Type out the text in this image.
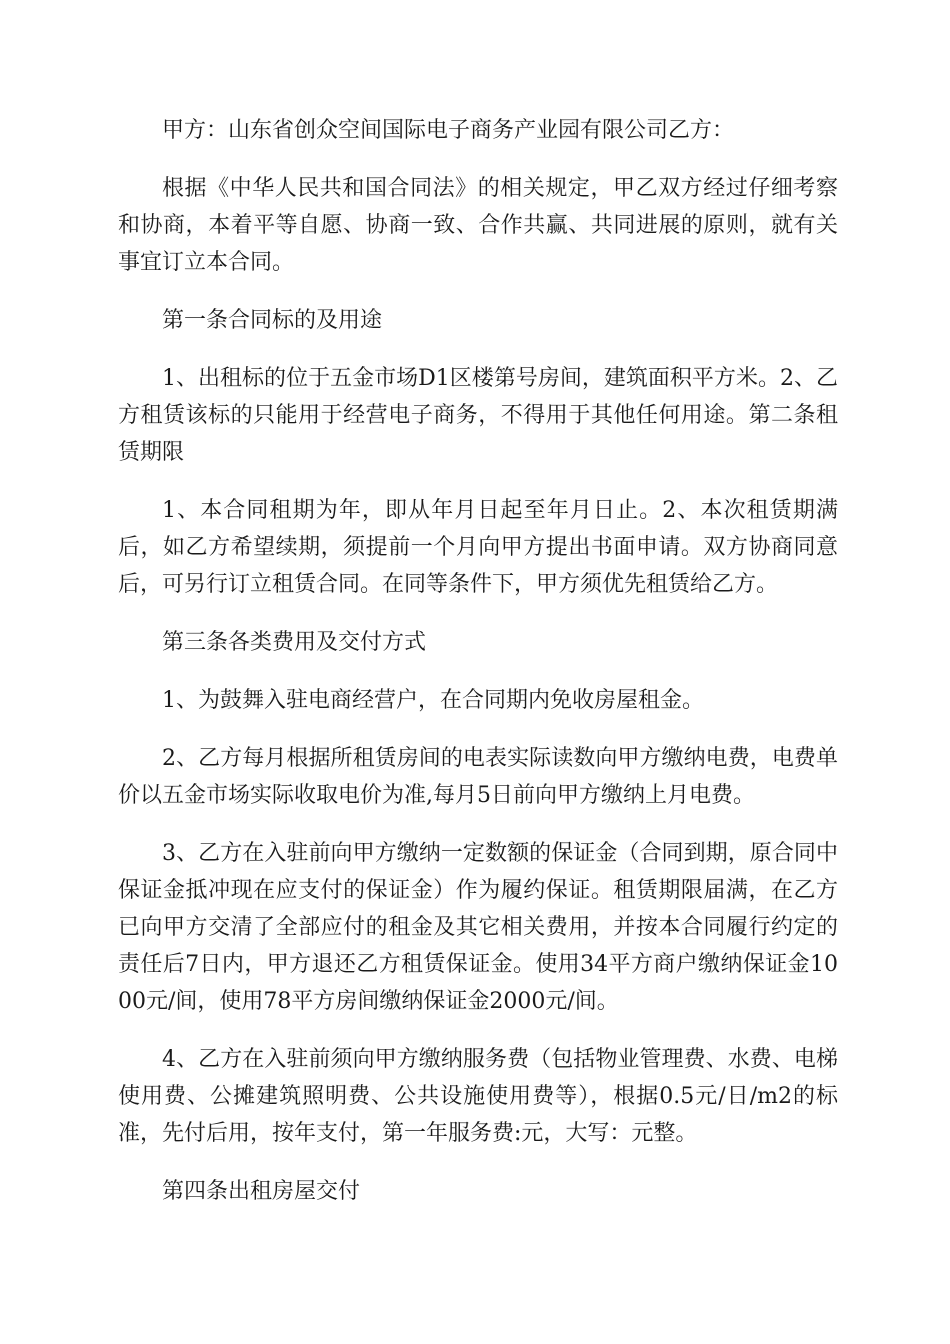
甲方：山东省创众空间国际电子商务产业园有限公司乙方：

根据《中华人民共和国合同法》的相关规定，甲乙双方经过仔细考察和协商，本着平等自愿、协商一致、合作共赢、共同进展的原则，就有关事宜订立本合同。

第一条合同标的及用途

1、出租标的位于五金市场D1区楼第号房间，建筑面积平方米。2、乙方租赁该标的只能用于经营电子商务，不得用于其他任何用途。第二条租赁期限

1、本合同租期为年，即从年月日起至年月日止。2、本次租赁期满后，如乙方希望续期，须提前一个月向甲方提出书面申请。双方协商同意后，可另行订立租赁合同。在同等条件下，甲方须优先租赁给乙方。

第三条各类费用及交付方式

1、为鼓舞入驻电商经营户，在合同期内免收房屋租金。

2、乙方每月根据所租赁房间的电表实际读数向甲方缴纳电费，电费单价以五金市场实际收取电价为准,每月5日前向甲方缴纳上月电费。

3、乙方在入驻前向甲方缴纳一定数额的保证金（合同到期，原合同中保证金抵冲现在应支付的保证金）作为履约保证。租赁期限届满，在乙方已向甲方交清了全部应付的租金及其它相关费用，并按本合同履行约定的责任后7日内，甲方退还乙方租赁保证金。使用34平方商户缴纳保证金1000元/间，使用78平方房间缴纳保证金2000元/间。

4、乙方在入驻前须向甲方缴纳服务费（包括物业管理费、水费、电梯使用费、公摊建筑照明费、公共设施使用费等），根据0.5元/日/m2的标准，先付后用，按年支付，第一年服务费:元，大写：元整。

第四条出租房屋交付
